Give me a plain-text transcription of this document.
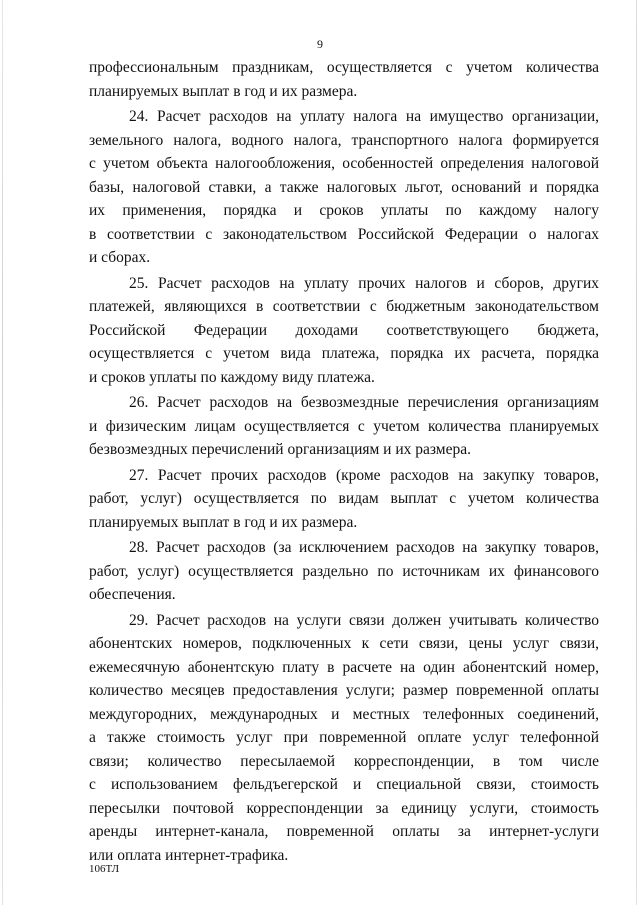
9
профессиональным праздникам, осуществляется с учетом количества
планируемых выплат в год и их размера.
24. Расчет расходов на уплату налога на имущество организации,
земельного налога, водного налога, транспортного налога формируется
с учетом объекта налогообложения, особенностей определения налоговой
базы, налоговой ставки, а также налоговых льгот, оснований и порядка
их применения, порядка и сроков уплаты по каждому налогу
в соответствии с законодательством Российской Федерации о налогах
и сборах.
25. Расчет расходов на уплату прочих налогов и сборов, других
платежей, являющихся в соответствии с бюджетным законодательством
Российской Федерации доходами соответствующего бюджета,
осуществляется с учетом вида платежа, порядка их расчета, порядка
и сроков уплаты по каждому виду платежа.
26. Расчет расходов на безвозмездные перечисления организациям
и физическим лицам осуществляется с учетом количества планируемых
безвозмездных перечислений организациям и их размера.
27. Расчет прочих расходов (кроме расходов на закупку товаров,
работ, услуг) осуществляется по видам выплат с учетом количества
планируемых выплат в год и их размера.
28. Расчет расходов (за исключением расходов на закупку товаров,
работ, услуг) осуществляется раздельно по источникам их финансового
обеспечения.
29. Расчет расходов на услуги связи должен учитывать количество
абонентских номеров, подключенных к сети связи, цены услуг связи,
ежемесячную абонентскую плату в расчете на один абонентский номер,
количество месяцев предоставления услуги; размер повременной оплаты
междугородних, международных и местных телефонных соединений,
а также стоимость услуг при повременной оплате услуг телефонной
связи; количество пересылаемой корреспонденции, в том числе
с использованием фельдъегерской и специальной связи, стоимость
пересылки почтовой корреспонденции за единицу услуги, стоимость
аренды интернет-канала, повременной оплаты за интернет-услуги
или оплата интернет-трафика.
106ТЛ
